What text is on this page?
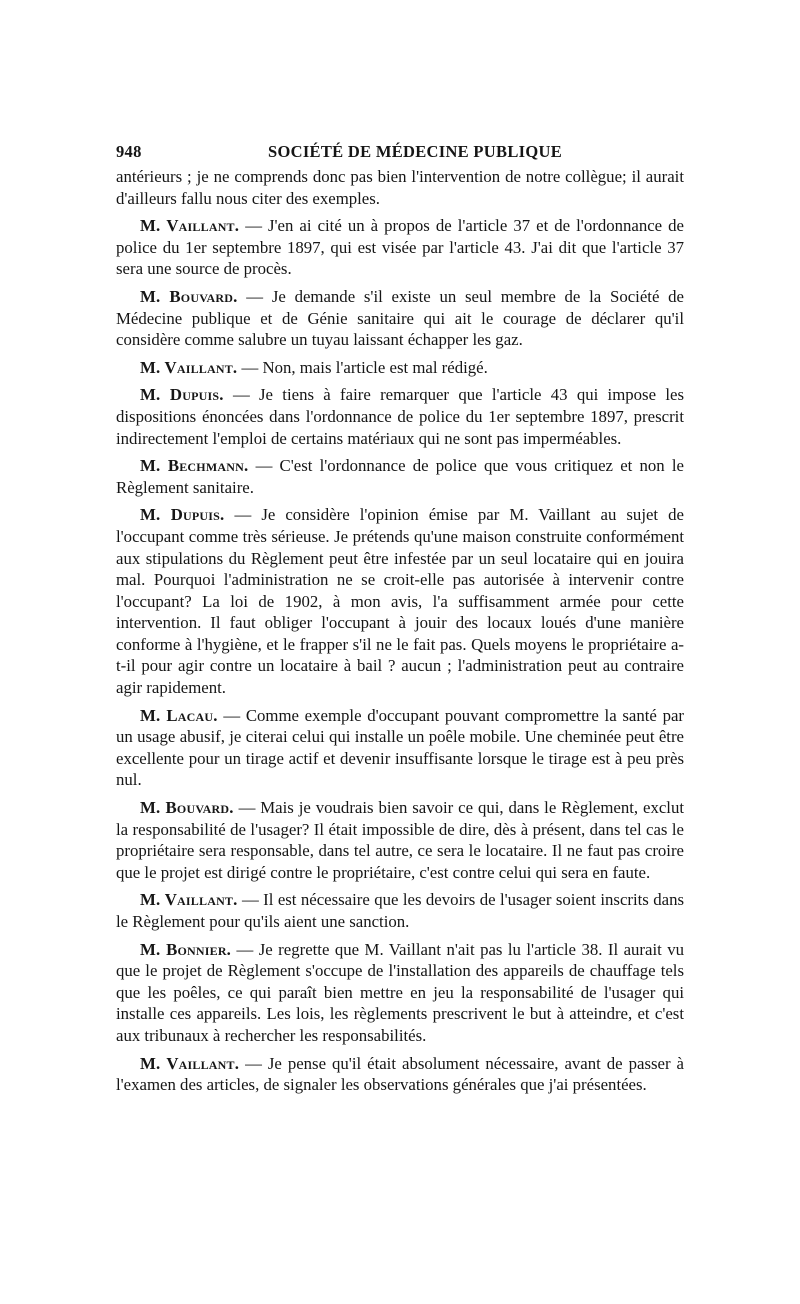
948	SOCIÉTÉ DE MÉDECINE PUBLIQUE

antérieurs ; je ne comprends donc pas bien l'intervention de notre collègue; il aurait d'ailleurs fallu nous citer des exemples.

M. Vaillant. — J'en ai cité un à propos de l'article 37 et de l'ordonnance de police du 1er septembre 1897, qui est visée par l'article 43. J'ai dit que l'article 37 sera une source de procès.

M. Bouvard. — Je demande s'il existe un seul membre de la Société de Médecine publique et de Génie sanitaire qui ait le courage de déclarer qu'il considère comme salubre un tuyau laissant échapper les gaz.

M. Vaillant. — Non, mais l'article est mal rédigé.

M. Dupuis. — Je tiens à faire remarquer que l'article 43 qui impose les dispositions énoncées dans l'ordonnance de police du 1er septembre 1897, prescrit indirectement l'emploi de certains matériaux qui ne sont pas imperméables.

M. Bechmann. — C'est l'ordonnance de police que vous critiquez et non le Règlement sanitaire.

M. Dupuis. — Je considère l'opinion émise par M. Vaillant au sujet de l'occupant comme très sérieuse. Je prétends qu'une maison construite conformément aux stipulations du Règlement peut être infestée par un seul locataire qui en jouira mal. Pourquoi l'administration ne se croit-elle pas autorisée à intervenir contre l'occupant? La loi de 1902, à mon avis, l'a suffisamment armée pour cette intervention. Il faut obliger l'occupant à jouir des locaux loués d'une manière conforme à l'hygiène, et le frapper s'il ne le fait pas. Quels moyens le propriétaire a-t-il pour agir contre un locataire à bail ? aucun ; l'administration peut au contraire agir rapidement.

M. Lacau. — Comme exemple d'occupant pouvant compromettre la santé par un usage abusif, je citerai celui qui installe un poêle mobile. Une cheminée peut être excellente pour un tirage actif et devenir insuffisante lorsque le tirage est à peu près nul.

M. Bouvard. — Mais je voudrais bien savoir ce qui, dans le Règlement, exclut la responsabilité de l'usager? Il était impossible de dire, dès à présent, dans tel cas le propriétaire sera responsable, dans tel autre, ce sera le locataire. Il ne faut pas croire que le projet est dirigé contre le propriétaire, c'est contre celui qui sera en faute.

M. Vaillant. — Il est nécessaire que les devoirs de l'usager soient inscrits dans le Règlement pour qu'ils aient une sanction.

M. Bonnier. — Je regrette que M. Vaillant n'ait pas lu l'article 38. Il aurait vu que le projet de Règlement s'occupe de l'installation des appareils de chauffage tels que les poêles, ce qui paraît bien mettre en jeu la responsabilité de l'usager qui installe ces appareils. Les lois, les règlements prescrivent le but à atteindre, et c'est aux tribunaux à rechercher les responsabilités.

M. Vaillant. — Je pense qu'il était absolument nécessaire, avant de passer à l'examen des articles, de signaler les observations générales que j'ai présentées.
